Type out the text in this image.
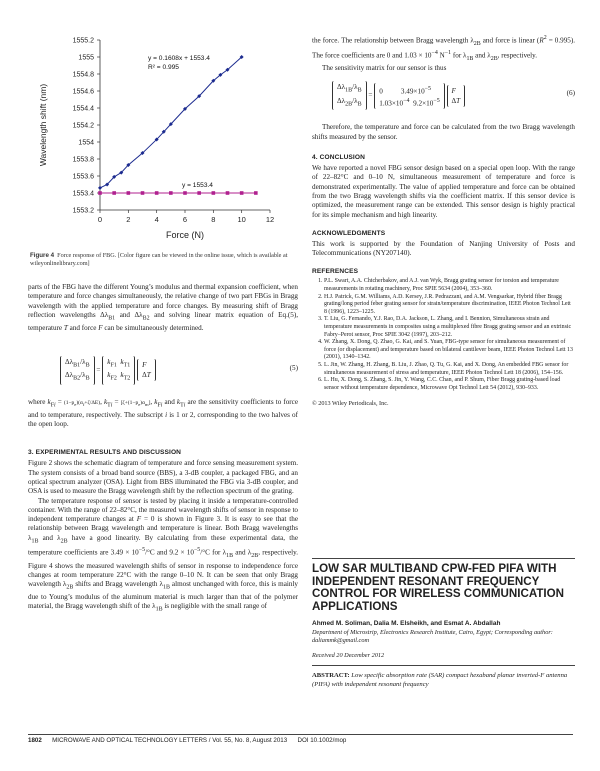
1553.2
1553.4
1553.6
1553.8
1554
1554.2
1554.4
1554.6
1554.8
1555
1555.2
0	2	4	6	8	10	12
Force (N)
Wavelength shift (nm)
y = 0.1608x + 1553.4
R² = 0.995
y = 1553.4
Figure 4 Force response of FBG. [Color figure can be viewed in the online issue, which is available at wileyonlinelibrary.com]

parts of the FBG have the different Young’s modulus and thermal expansion coefficient, when temperature and force changes simultaneously, the relative change of two part FBGs in Bragg wavelength with the applied temperature and force changes. By measuring shift of Bragg reflection wavelengths $\Delta\lambda_{B1}$ and $\Delta\lambda_{B2}$ and solving linear matrix equation of Eq.(5), temperature T and force F can be simultaneously determined.

$\Delta\lambda_{B1}/\lambda_B$
$\Delta\lambda_{B2}/\lambda_B = k_{F1}$ $k_{T1}$
$k_{F2}$ $k_{T2}$ F
ΔT
(5)

where $k_{Fi} = (1-p_e)(\alpha_f+\zeta/\Delta E)$, $k_{Ti} = [\zeta+(1-p_e)\alpha_m]$, $k_{Fi}$ and $k_{Ti}$ are the sensitivity coefficients to force and to temperature, respectively. The subscript i is 1 or 2, corresponding to the two halves of the open loop.

3. EXPERIMENTAL RESULTS AND DISCUSSION

Figure 2 shows the schematic diagram of temperature and force sensing measurement system. The system consists of a broad band source (BBS), a 3-dB coupler, a packaged FBG, and an optical spectrum analyzer (OSA). Light from BBS illuminated the FBG via 3-dB coupler, and OSA is used to measure the Bragg wavelength shift by the reflection spectrum of the grating.

The temperature response of sensor is tested by placing it inside a temperature-controlled container. With the range of 22–82°C, the measured wavelength shifts of sensor in response to independent temperature changes at F = 0 is shown in Figure 3. It is easy to see that the relationship between Bragg wavelength and temperature is linear. Both Bragg wavelengths $\lambda_{1B}$ and $\lambda_{2B}$ have a good linearity. By calculating from these experimental data, the temperature coefficients are $3.49 \times 10^{-5}/^\circ C$ and $9.2 \times 10^{-5}/^\circ C$ for $\lambda_{1B}$ and $\lambda_{2B}$, respectively. Figure 4 shows the measured wavelength shifts of sensor in response to independence force changes at room temperature 22°C with the range 0–10 N. It can be seen that only Bragg wavelength $\lambda_{2B}$ shifts and Bragg wavelength $\lambda_{1B}$ almost unchanged with force, this is mainly due to Young’s modulus of the aluminum material is much larger than that of the polymer material, the Bragg wavelength shift of the $\lambda_{1B}$ is negligible with the small range of

the force. The relationship between Bragg wavelength $\lambda_{2B}$ and force is linear $(R^2 = 0.995)$. The force coefficients are 0 and $1.03 \times 10^{-4}$ $N^{-1}$ for $\lambda_{1B}$ and $\lambda_{2B}$, respectively.

The sensitivity matrix for our sensor is thus

$\Delta\lambda_{1B}/\lambda_B$
$\Delta\lambda_{2B}/\lambda_B = 0$          $3.49\times 10^{-5}$
$1.03\times 10^{-4}$  $9.2\times 10^{-5}$ F
ΔT
(6)

Therefore, the temperature and force can be calculated from the two Bragg wavelength shifts measured by the sensor.

4. CONCLUSION

We have reported a novel FBG sensor design based on a special open loop. With the range of 22–82°C and 0–10 N, simultaneous measurement of temperature and force is demonstrated experimentally. The value of applied temperature and force can be obtained from the two Bragg wavelength shifts via the coefficient matrix. If this sensor device is optimized, the measurement range can be extended. This sensor design is highly practical for its simple mechanism and high linearity.

ACKNOWLEDGMENTS

This work is supported by the Foundation of Nanjing University of Posts and Telecommunications (NY207140).

REFERENCES
1. P.L. Swart, A.A. Chtcherbakov, and A.J. van Wyk, Bragg grating sensor for torsion and temperature measurements in rotating machinery, Proc SPIE 5634 (2004), 353–360.
2. H.J. Patrick, G.M. Williams, A.D. Kersey, J.R. Pedrazzani, and A.M. Vengsarkar, Hybrid fiber Bragg grating/long period feber grating sensor for strain/temperature discrimination, IEEE Photon Technol Lett 8 (1996), 1223–1225.
3. T. Liu, G. Fernando, Y.J. Rao, D.A. Jackson, L. Zhang, and I. Bennion, Simultaneous strain and temperature measurements in composites using a multiplexed fibre Bragg grating sensor and an extrinsic Fabry–Perot sensor, Proc SPIE 3042 (1997), 203–212.
4. W. Zhang, X. Dong, Q. Zhao, G. Kai, and S. Yuan, FBG-type sensor for simultaneous measurement of force (or displacement) and temperature based on bilateral cantilever beam, IEEE Photon Technol Lett 13 (2001), 1340–1342.
5. L. Jin, W. Zhang, H. Zhang, B. Liu, J. Zhao, Q. Tu, G. Kai, and X. Dong, An embedded FBG sensor for simultaneous measurement of stress and temperature, IEEE Photon Technol Lett 18 (2006), 154–156.
6. L. Hu, X. Dong, S. Zhang, S. Jin, Y. Wang, C.C. Chan, and P. Shum, Fiber Bragg grating-based load sensor without temperature dependence, Microwave Opt Technol Lett 54 (2012), 930–933.

© 2013 Wiley Periodicals, Inc.

LOW SAR MULTIBAND CPW-FED PIFA WITH INDEPENDENT RESONANT FREQUENCY CONTROL FOR WIRELESS COMMUNICATION APPLICATIONS
Ahmed M. Soliman, Dalia M. Elsheikh, and Esmat A. Abdallah
Department of Microstrip, Electronics Research Institute, Cairo, Egypt; Corresponding author: daliammk@gmail.com
Received 20 December 2012

ABSTRACT: Low specific absorption rate (SAR) compact hexaband planar inverted-F antenna (PIFA) with independent resonant frequency

1802 MICROWAVE AND OPTICAL TECHNOLOGY LETTERS / Vol. 55, No. 8, August 2013 DOI 10.1002/mop
